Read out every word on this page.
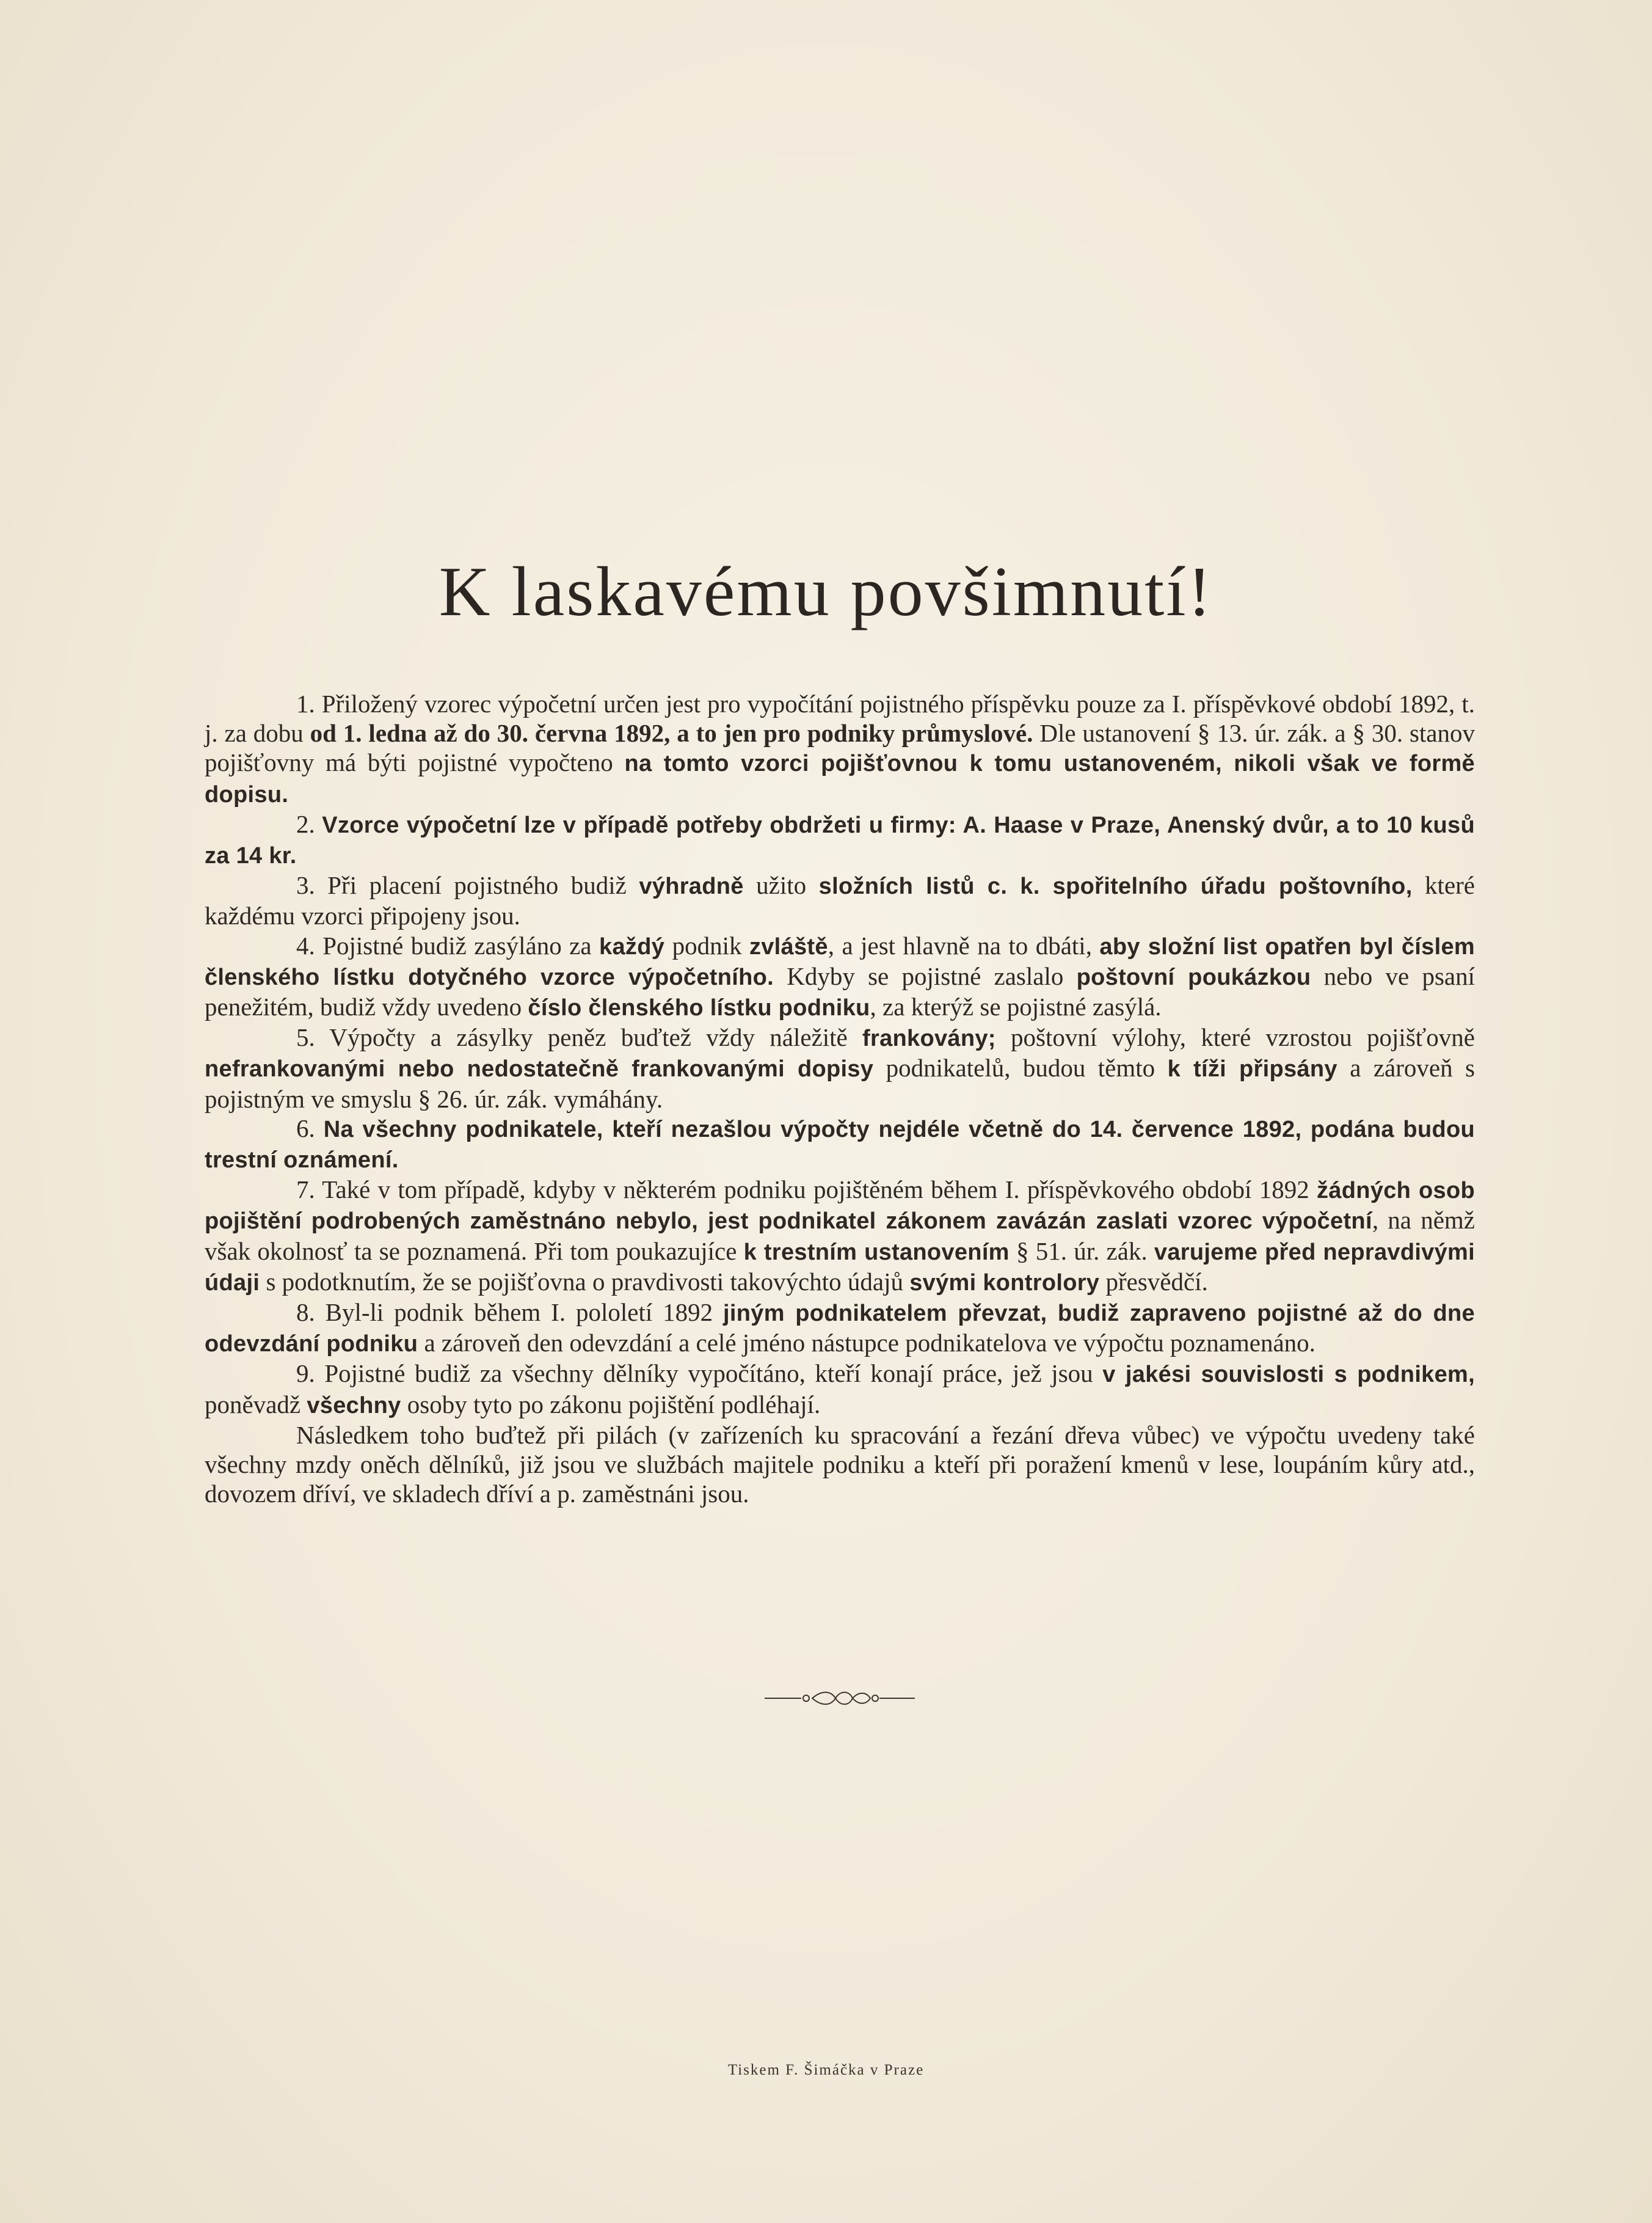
K laskavému povšimnutí!

1. Přiložený vzorec výpočetní určen jest pro vypočítání pojistného příspěvku pouze za I. příspěvkové období 1892, t. j. za dobu od 1. ledna až do 30. června 1892, a to jen pro podniky průmyslové. Dle ustanovení § 13. úr. zák. a § 30. stanov pojišťovny má býti pojistné vypočteno na tomto vzorci pojišťovnou k tomu ustanoveném, nikoli však ve formě dopisu.

2. Vzorce výpočetní lze v případě potřeby obdržeti u firmy: A. Haase v Praze, Anenský dvůr, a to 10 kusů za 14 kr.

3. Při placení pojistného budiž výhradně užito složních listů c. k. spořitelního úřadu poštovního, které každému vzorci připojeny jsou.

4. Pojistné budiž zasýláno za každý podnik zvláště, a jest hlavně na to dbáti, aby složní list opatřen byl číslem členského lístku dotyčného vzorce výpočetního. Kdyby se pojistné zaslalo poštovní poukázkou nebo ve psaní penežitém, budiž vždy uvedeno číslo členského lístku podniku, za kterýž se pojistné zasýlá.

5. Výpočty a zásylky peněz buďtež vždy náležitě frankovány; poštovní výlohy, které vzrostou pojišťovně nefrankovanými nebo nedostatečně frankovanými dopisy podnikatelů, budou těmto k tíži připsány a zároveň s pojistným ve smyslu § 26. úr. zák. vymáhány.

6. Na všechny podnikatele, kteří nezašlou výpočty nejdéle včetně do 14. července 1892, podána budou trestní oznámení.

7. Také v tom případě, kdyby v některém podniku pojištěném během I. příspěvkového období 1892 žádných osob pojištění podrobených zaměstnáno nebylo, jest podnikatel zákonem zavázán zaslati vzorec výpočetní, na němž však okolnosť ta se poznamená. Při tom poukazujíce k trestním ustanovením § 51. úr. zák. varujeme před nepravdivými údaji s podotknutím, že se pojišťovna o pravdivosti takovýchto údajů svými kontrolory přesvědčí.

8. Byl-li podnik během I. pololetí 1892 jiným podnikatelem převzat, budiž zapraveno pojistné až do dne odevzdání podniku a zároveň den odevzdání a celé jméno nástupce podnikatelova ve výpočtu poznamenáno.

9. Pojistné budiž za všechny dělníky vypočítáno, kteří konají práce, jež jsou v jakési souvislosti s podnikem, poněvadž všechny osoby tyto po zákonu pojištění podléhají.

Následkem toho buďtež při pilách (v zařízeních ku spracování a řezání dřeva vůbec) ve výpočtu uvedeny také všechny mzdy oněch dělníků, již jsou ve službách majitele podniku a kteří při poražení kmenů v lese, loupáním kůry atd., dovozem dříví, ve skladech dříví a p. zaměstnáni jsou.

Tiskem F. Šimáčka v Praze
